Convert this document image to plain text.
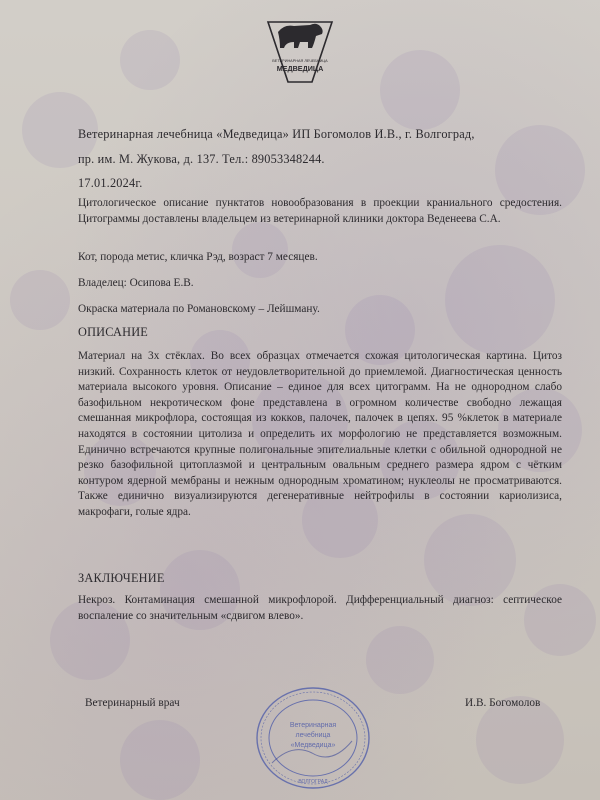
ВЕТЕРИНАРНАЯ ЛЕЧЕБНИЦА
МЕДВЕДИЦА
Ветеринарная лечебница «Медведица» ИП Богомолов И.В., г. Волгоград,
пр. им. М. Жукова, д. 137. Тел.: 89053348244.
17.01.2024г.
Цитологическое описание пунктатов новообразования в проекции краниального средостения. Цитограммы доставлены владельцем из ветеринарной клиники доктора Веденеева С.А.
Кот, порода метис, кличка Рэд, возраст 7 месяцев.
Владелец: Осипова Е.В.
Окраска материала по Романовскому – Лейшману.
ОПИСАНИЕ
Материал на 3х стёклах. Во всех образцах отмечается схожая цитологическая картина. Цитоз низкий. Сохранность клеток от неудовлетворительной до приемлемой. Диагностическая ценность материала высокого уровня. Описание – единое для всех цитограмм. На не однородном слабо базофильном некротическом фоне представлена в огромном количестве свободно лежащая смешанная микрофлора, состоящая из кокков, палочек, палочек в цепях. 95 %клеток в материале находятся в состоянии цитолиза и определить их морфологию не представляется возможным. Единично встречаются крупные полигональные эпителиальные клетки с обильной однородной не резко базофильной цитоплазмой и центральным овальным среднего размера ядром с чётким контуром ядерной мембраны и нежным однородным хроматином; нуклеолы не просматриваются. Также единично визуализируются дегенеративные нейтрофилы в состоянии кариолизиса, макрофаги, голые ядра.
ЗАКЛЮЧЕНИЕ
Некроз. Контаминация смешанной микрофлорой. Дифференциальный диагноз: септическое воспаление со значительным «сдвигом влево».
Ветеринарный врач	И.В. Богомолов
Ветеринарная
лечебница
«Медведица»
ВОЛГОГРАД
